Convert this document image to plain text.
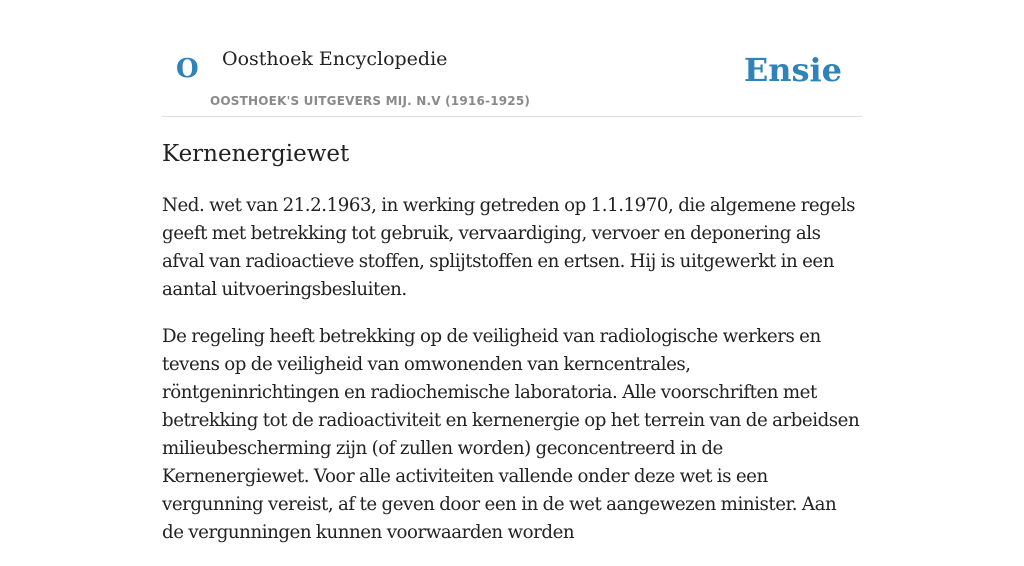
O Oosthoek Encyclopedie
OOSTHOEK'S UITGEVERS MIJ. N.V (1916-1925)
Ensie
Kernenergiewet

Ned. wet van 21.2.1963, in werking getreden op 1.1.1970, die algemene regels geeft met betrekking tot gebruik, vervaardiging, vervoer en deponering als afval van radioactieve stoffen, splijtstoffen en ertsen. Hij is uitgewerkt in een aantal uitvoeringsbesluiten.

De regeling heeft betrekking op de veiligheid van radiologische werkers en tevens op de veiligheid van omwonenden van kerncentrales, röntgeninrichtingen en radiochemische laboratoria. Alle voorschriften met betrekking tot de radioactiviteit en kernenergie op het terrein van de arbeidsen milieubescherming zijn (of zullen worden) geconcentreerd in de Kernenergiewet. Voor alle activiteiten vallende onder deze wet is een vergunning vereist, af te geven door een in de wet aangewezen minister. Aan de vergunningen kunnen voorwaarden worden
